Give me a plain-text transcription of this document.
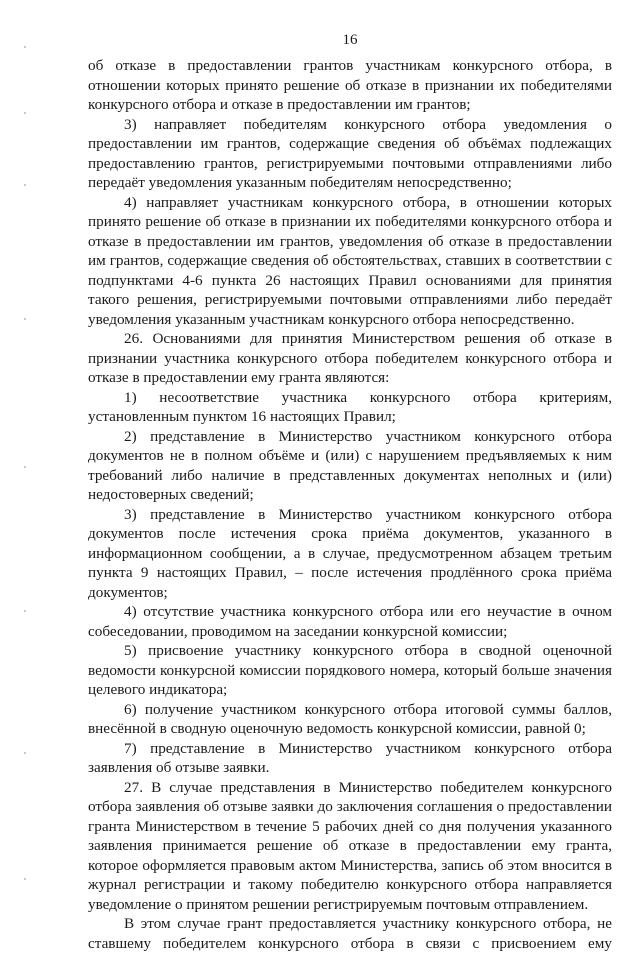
16

об отказе в предоставлении грантов участникам конкурсного отбора, в отношении которых принято решение об отказе в признании их победителями конкурсного отбора и отказе в предоставлении им грантов;

3) направляет победителям конкурсного отбора уведомления о предоставлении им грантов, содержащие сведения об объёмах подлежащих предоставлению грантов, регистрируемыми почтовыми отправлениями либо передаёт уведомления указанным победителям непосредственно;

4) направляет участникам конкурсного отбора, в отношении которых принято решение об отказе в признании их победителями конкурсного отбора и отказе в предоставлении им грантов, уведомления об отказе в предоставлении им грантов, содержащие сведения об обстоятельствах, ставших в соответствии с подпунктами 4-6 пункта 26 настоящих Правил основаниями для принятия такого решения, регистрируемыми почтовыми отправлениями либо передаёт уведомления указанным участникам конкурсного отбора непосредственно.

26. Основаниями для принятия Министерством решения об отказе в признании участника конкурсного отбора победителем конкурсного отбора и отказе в предоставлении ему гранта являются:

1) несоответствие участника конкурсного отбора критериям, установленным пунктом 16 настоящих Правил;

2) представление в Министерство участником конкурсного отбора документов не в полном объёме и (или) с нарушением предъявляемых к ним требований либо наличие в представленных документах неполных и (или) недостоверных сведений;

3) представление в Министерство участником конкурсного отбора документов после истечения срока приёма документов, указанного в информационном сообщении, а в случае, предусмотренном абзацем третьим пункта 9 настоящих Правил, – после истечения продлённого срока приёма документов;

4) отсутствие участника конкурсного отбора или его неучастие в очном собеседовании, проводимом на заседании конкурсной комиссии;

5) присвоение участнику конкурсного отбора в сводной оценочной ведомости конкурсной комиссии порядкового номера, который больше значения целевого индикатора;

6) получение участником конкурсного отбора итоговой суммы баллов, внесённой в сводную оценочную ведомость конкурсной комиссии, равной 0;

7) представление в Министерство участником конкурсного отбора заявления об отзыве заявки.

27. В случае представления в Министерство победителем конкурсного отбора заявления об отзыве заявки до заключения соглашения о предоставлении гранта Министерством в течение 5 рабочих дней со дня получения указанного заявления принимается решение об отказе в предоставлении ему гранта, которое оформляется правовым актом Министерства, запись об этом вносится в журнал регистрации и такому победителю конкурсного отбора направляется уведомление о принятом решении регистрируемым почтовым отправлением.

В этом случае грант предоставляется участнику конкурсного отбора, не ставшему победителем конкурсного отбора в связи с присвоением ему
